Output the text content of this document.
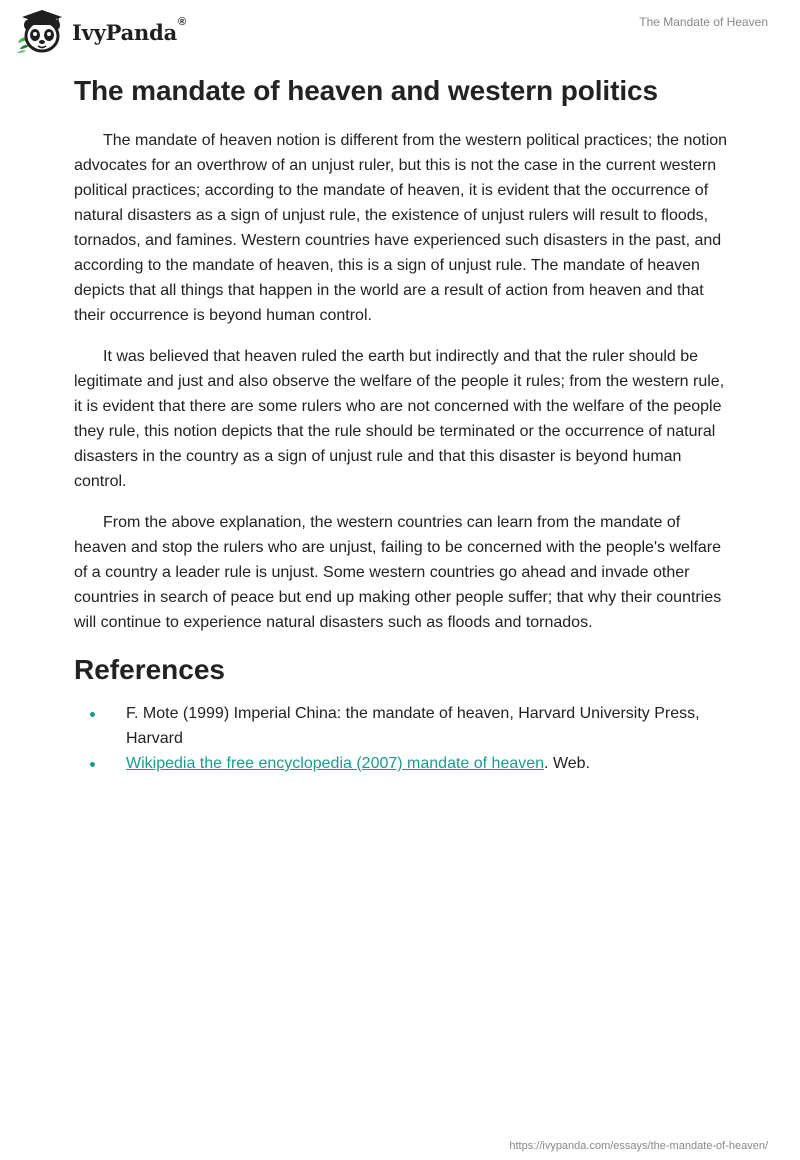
IvyPanda®	The Mandate of Heaven
The mandate of heaven and western politics

The mandate of heaven notion is different from the western political practices; the notion advocates for an overthrow of an unjust ruler, but this is not the case in the current western political practices; according to the mandate of heaven, it is evident that the occurrence of natural disasters as a sign of unjust rule, the existence of unjust rulers will result to floods, tornados, and famines. Western countries have experienced such disasters in the past, and according to the mandate of heaven, this is a sign of unjust rule. The mandate of heaven depicts that all things that happen in the world are a result of action from heaven and that their occurrence is beyond human control.

It was believed that heaven ruled the earth but indirectly and that the ruler should be legitimate and just and also observe the welfare of the people it rules; from the western rule, it is evident that there are some rulers who are not concerned with the welfare of the people they rule, this notion depicts that the rule should be terminated or the occurrence of natural disasters in the country as a sign of unjust rule and that this disaster is beyond human control.

From the above explanation, the western countries can learn from the mandate of heaven and stop the rulers who are unjust, failing to be concerned with the people's welfare of a country a leader rule is unjust. Some western countries go ahead and invade other countries in search of peace but end up making other people suffer; that why their countries will continue to experience natural disasters such as floods and tornados.

References
F. Mote (1999) Imperial China: the mandate of heaven, Harvard University Press, Harvard
Wikipedia the free encyclopedia (2007) mandate of heaven. Web.
https://ivypanda.com/essays/the-mandate-of-heaven/
